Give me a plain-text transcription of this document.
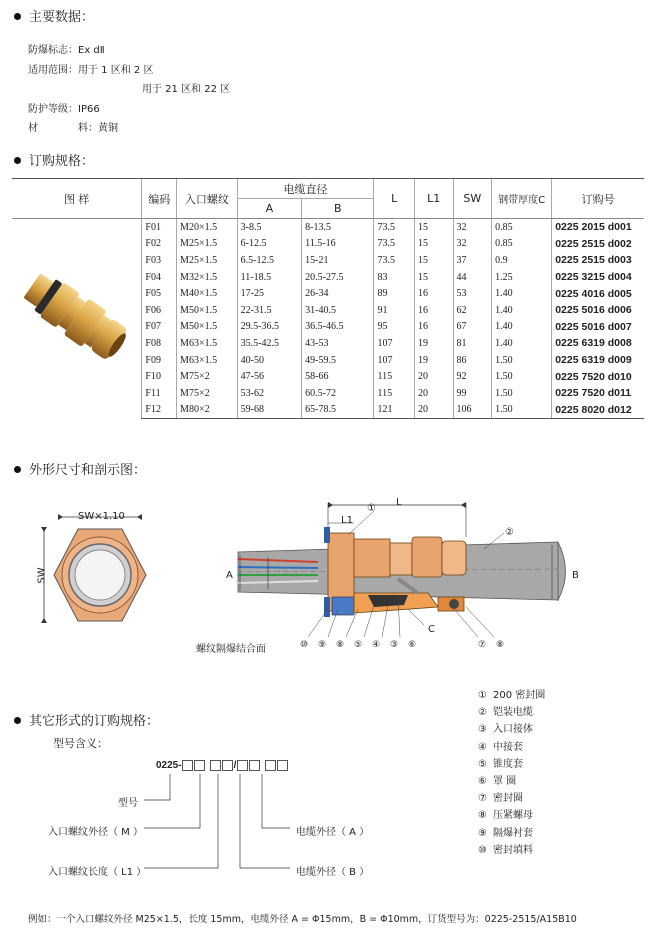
主要数据：
防爆标志：Ex dⅡ
适用范围：用于 1 区和 2 区
用于 21 区和 22 区
防护等级：IP66
材	料：黄铜
订购规格：
图 样	编码	入口螺纹	电缆直径		L	L1	SW	钢带厚度C	订购号
			A	B					
	F01	M20×1.5	3-8.5	8-13.5	73.5	15	32	0.85	0225 2015 d001
	F02	M25×1.5	6-12.5	11.5-16	73.5	15	32	0.85	0225 2515 d002
	F03	M25×1.5	6.5-12.5	15-21	73.5	15	37	0.9	0225 2515 d003
	F04	M32×1.5	11-18.5	20.5-27.5	83	15	44	1.25	0225 3215 d004
	F05	M40×1.5	17-25	26-34	89	16	53	1.40	0225 4016 d005
	F06	M50×1.5	22-31.5	31-40.5	91	16	62	1.40	0225 5016 d006
	F07	M50×1.5	29.5-36.5	36.5-46.5	95	16	67	1.40	0225 5016 d007
	F08	M63×1.5	35.5-42.5	43-53	107	19	81	1.40	0225 6319 d008
	F09	M63×1.5	40-50	49-59.5	107	19	86	1.50	0225 6319 d009
	F10	M75×2	47-56	58-66	115	20	92	1.50	0225 7520 d010
	F11	M75×2	53-62	60.5-72	115	20	99	1.50	0225 7520 d011
	F12	M80×2	59-68	65-78.5	121	20	106	1.50	0225 8020 d012
外形尺寸和剖示图：
SW×1.10
SW
L
L1
①
②
A	B
C
螺纹隔爆结合面	⑩ ⑨ ⑧ ⑤ ④ ③ ⑥	⑦ ⑧
其它形式的订购规格：
型号含义：
① 200 密封圈
② 铠装电缆
③ 入口接体
④ 中接套
⑤ 锥度套
⑥ 罩 圈
⑦ 密封圈
⑧ 压紧螺母
⑨ 隔爆衬套
⑩ 密封填料
0225-	/
型号
入口螺纹外径（ M ）
入口螺纹长度（ L1 ）
电缆外径（ A ）
电缆外径（ B ）
例如：一个入口螺纹外径 M25×1.5，长度 15mm，电缆外径 A = Φ15mm，B = Φ10mm，订货型号为：0225-2515/A15B10
